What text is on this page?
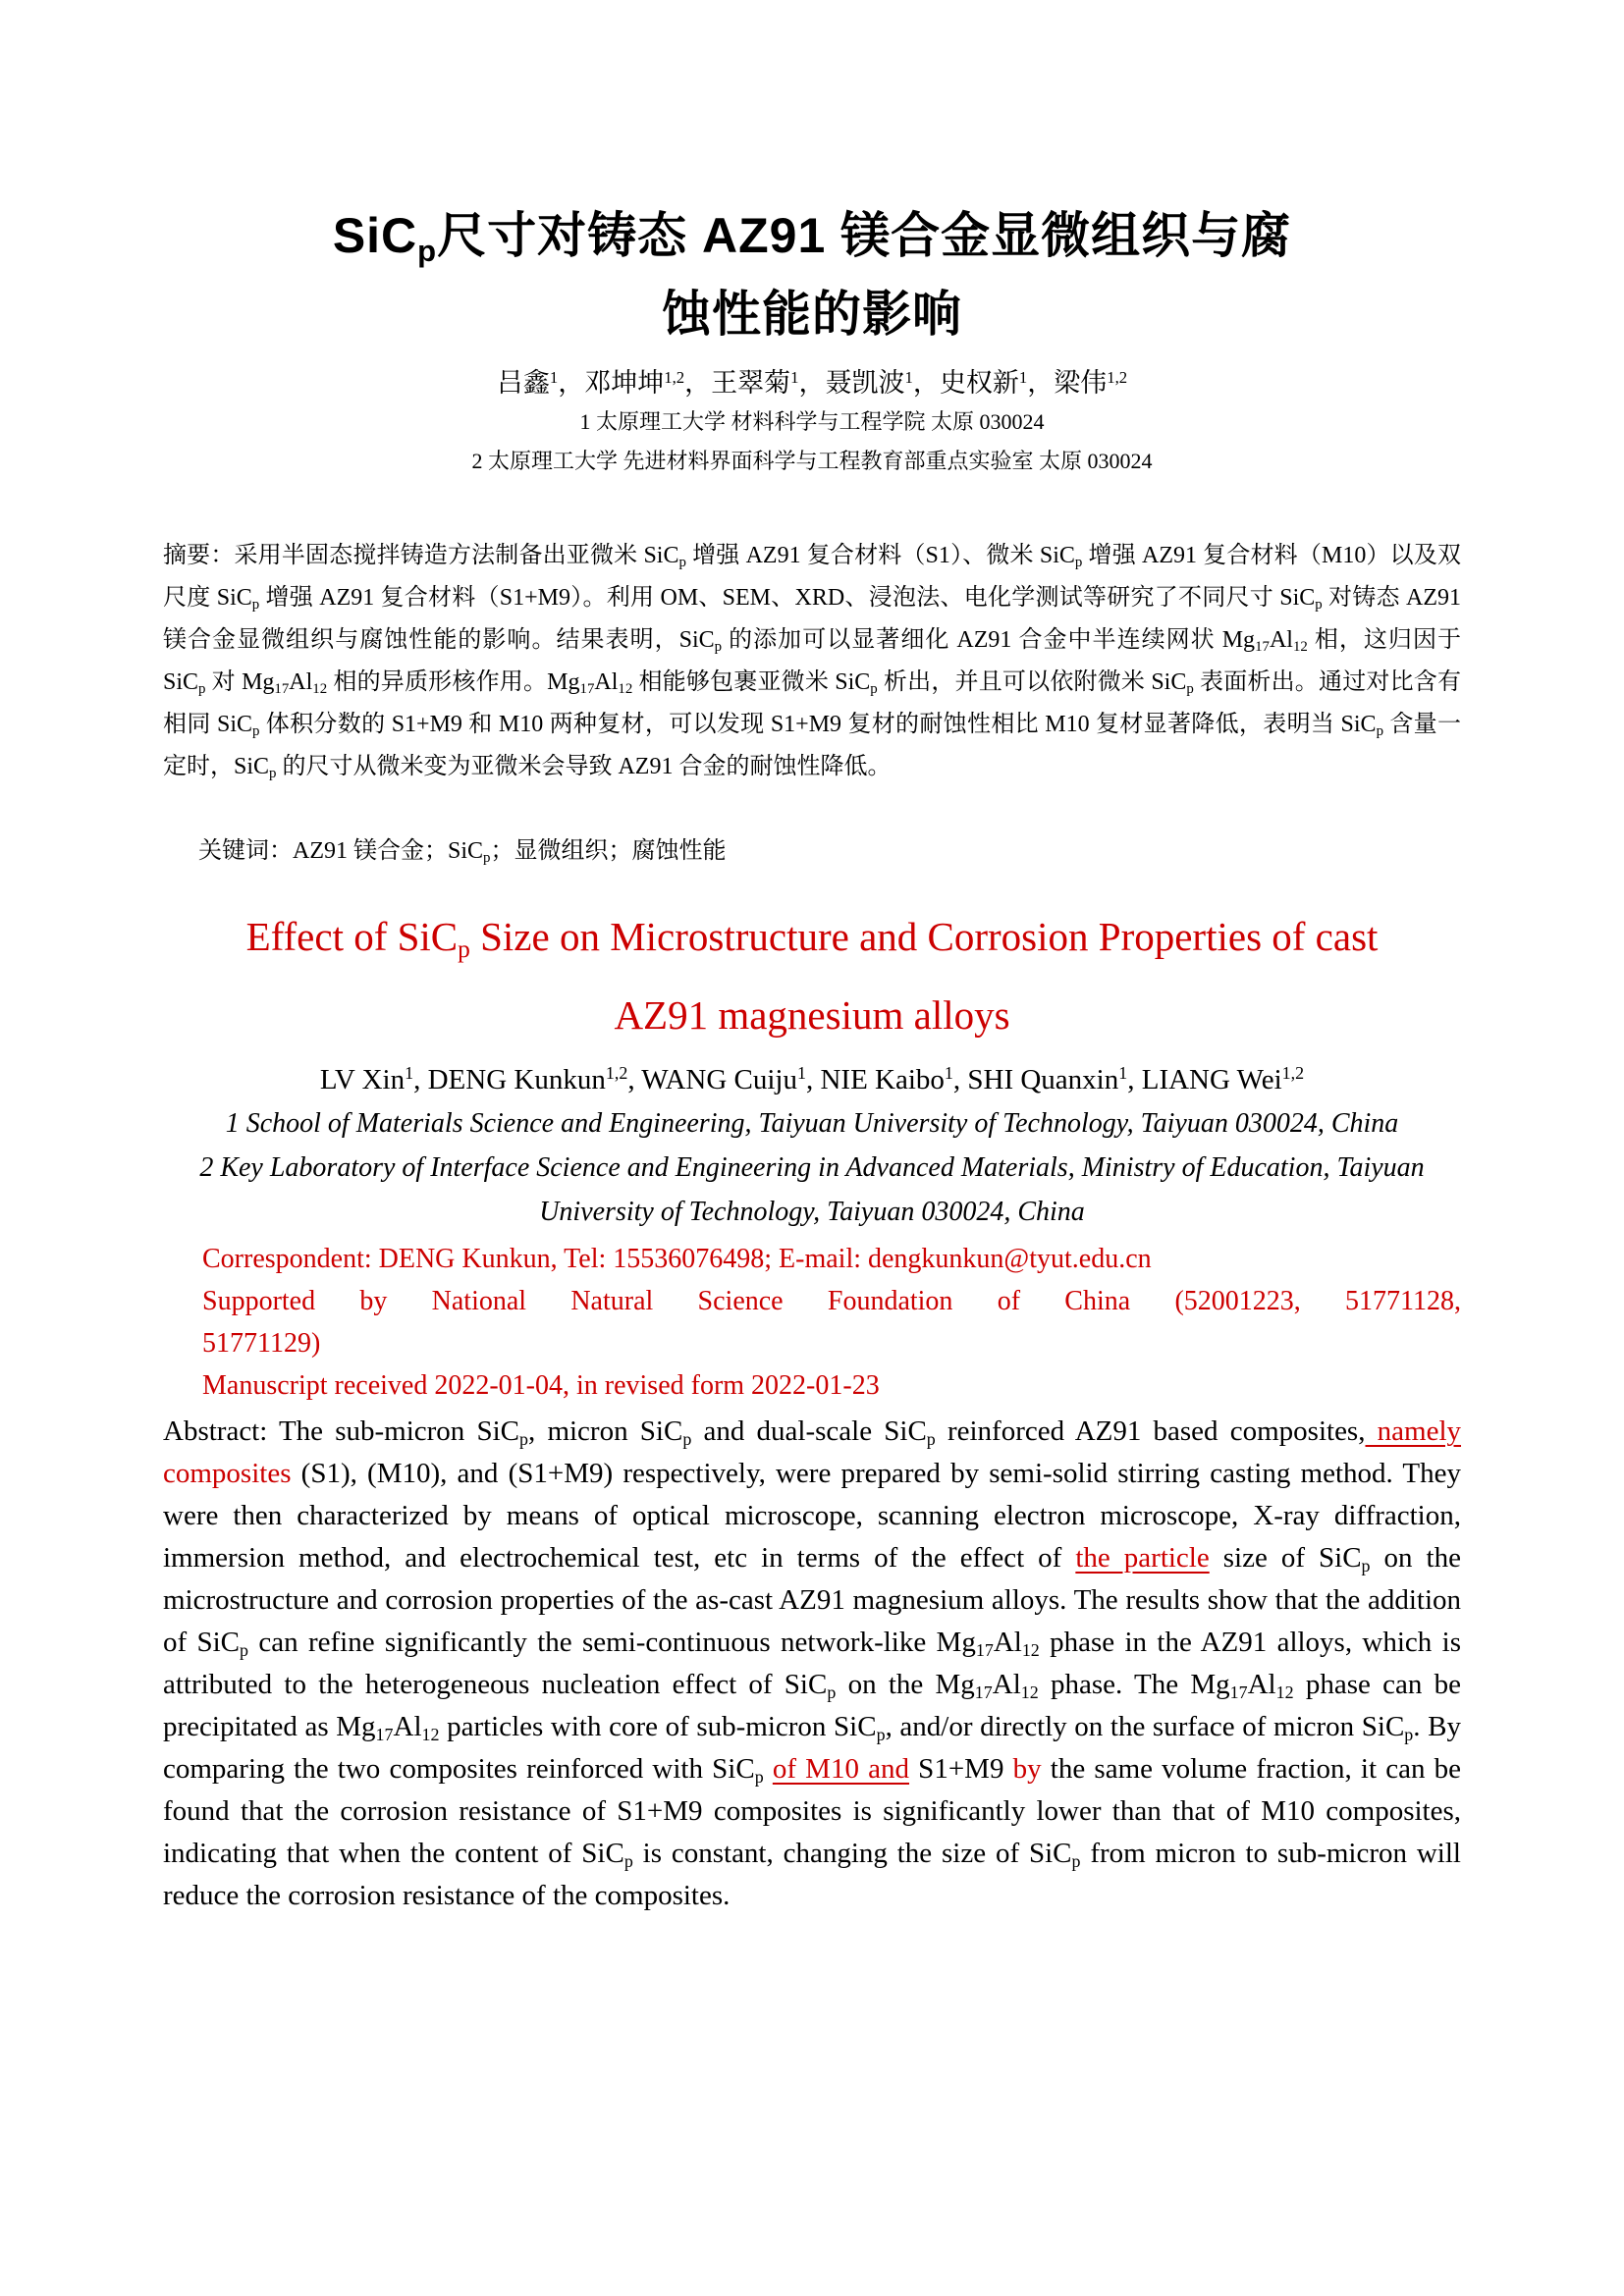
SiC$_p$尺寸对铸态 AZ91 镁合金显微组织与腐
蚀性能的影响
吕鑫$^1$，邓坤坤$^{1,2}$，王翠菊$^1$，聂凯波$^1$，史权新$^1$，梁伟$^{1,2}$
1 太原理工大学 材料科学与工程学院 太原 030024
2 太原理工大学 先进材料界面科学与工程教育部重点实验室 太原 030024

摘要：采用半固态搅拌铸造方法制备出亚微米 SiC$_p$ 增强 AZ91 复合材料（S1）、微米 SiC$_p$ 增强 AZ91 复合材料（M10）以及双尺度 SiC$_p$ 增强 AZ91 复合材料（S1+M9）。利用 OM、SEM、XRD、浸泡法、电化学测试等研究了不同尺寸 SiC$_p$ 对铸态 AZ91 镁合金显微组织与腐蚀性能的影响。结果表明，SiC$_p$ 的添加可以显著细化 AZ91 合金中半连续网状 $Mg_{17}Al_{12}$ 相，这归因于 SiC$_p$ 对 $Mg_{17}Al_{12}$ 相的异质形核作用。$Mg_{17}Al_{12}$ 相能够包裹亚微米 SiC$_p$ 析出，并且可以依附微米 SiC$_p$ 表面析出。通过对比含有相同 SiC$_p$ 体积分数的 S1+M9 和 M10 两种复材，可以发现 S1+M9 复材的耐蚀性相比 M10 复材显著降低，表明当 SiC$_p$ 含量一定时，SiC$_p$ 的尺寸从微米变为亚微米会导致 AZ91 合金的耐蚀性降低。

关键词：AZ91 镁合金；SiC$_p$；显微组织；腐蚀性能

Effect of SiC$_p$ Size on Microstructure and Corrosion Properties of cast
AZ91 magnesium alloys
LV Xin$^1$, DENG Kunkun$^{1,2}$, WANG Cuiju$^1$, NIE Kaibo$^1$, SHI Quanxin$^1$, LIANG Wei$^{1,2}$
1 School of Materials Science and Engineering, Taiyuan University of Technology, Taiyuan 030024, China
2 Key Laboratory of Interface Science and Engineering in Advanced Materials, Ministry of Education, Taiyuan University of Technology, Taiyuan 030024, China

Correspondent: DENG Kunkun, Tel: 15536076498; E-mail: dengkunkun@tyut.edu.cn

Supported by National Natural Science Foundation of China (52001223, 51771128,

51771129)

Manuscript received 2022-01-04, in revised form 2022-01-23

Abstract: The sub-micron SiC$_p$, micron SiC$_p$ and dual-scale SiC$_p$ reinforced AZ91 based composites, namely composites (S1), (M10), and (S1+M9) respectively, were prepared by semi-solid stirring casting method. They were then characterized by means of optical microscope, scanning electron microscope, X-ray diffraction, immersion method, and electrochemical test, etc in terms of the effect of the particle size of SiC$_p$ on the microstructure and corrosion properties of the as-cast AZ91 magnesium alloys. The results show that the addition of SiC$_p$ can refine significantly the semi-continuous network-like $Mg_{17}Al_{12}$ phase in the AZ91 alloys, which is attributed to the heterogeneous nucleation effect of SiC$_p$ on the $Mg_{17}Al_{12}$ phase. The $Mg_{17}Al_{12}$ phase can be precipitated as $Mg_{17}Al_{12}$ particles with core of sub-micron SiC$_p$, and/or directly on the surface of micron SiC$_p$. By comparing the two composites reinforced with SiC$_p$ of M10 and S1+M9 by the same volume fraction, it can be found that the corrosion resistance of S1+M9 composites is significantly lower than that of M10 composites, indicating that when the content of SiC$_p$ is constant, changing the size of SiC$_p$ from micron to sub-micron will reduce the corrosion resistance of the composites.
